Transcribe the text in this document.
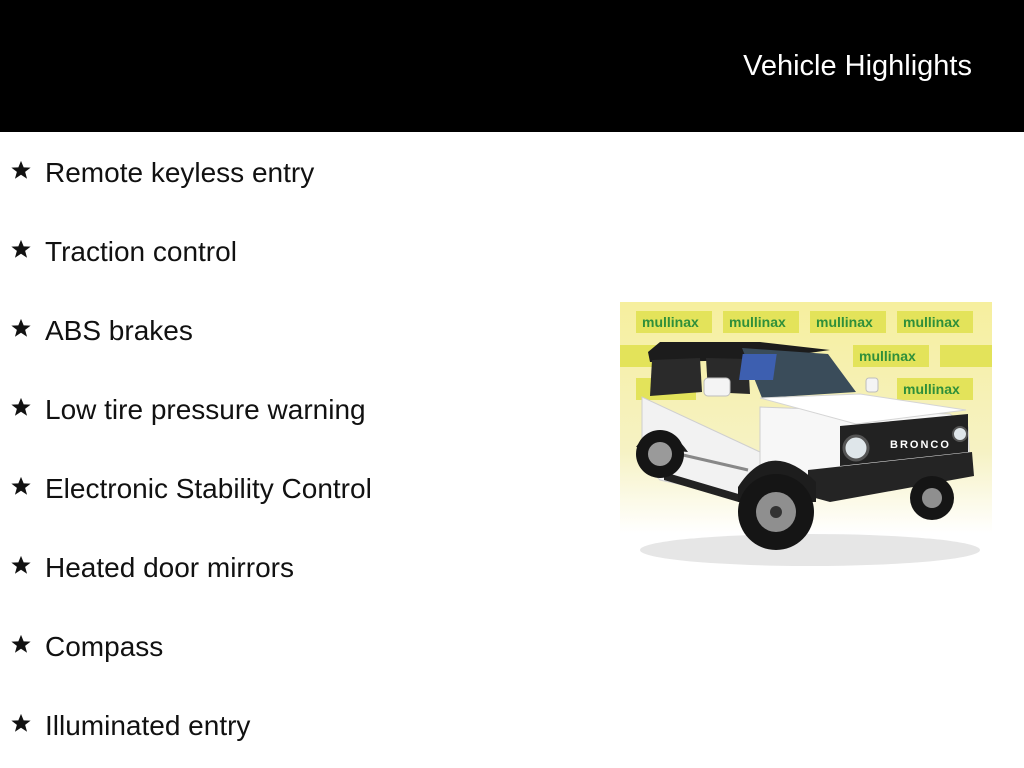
Vehicle Highlights
Remote keyless entry
Traction control
ABS brakes
Low tire pressure warning
Electronic Stability Control
Heated door mirrors
Compass
Illuminated entry
mullinax mullinax mullinax mullinax
mullinax
mullinax
BRONCO
